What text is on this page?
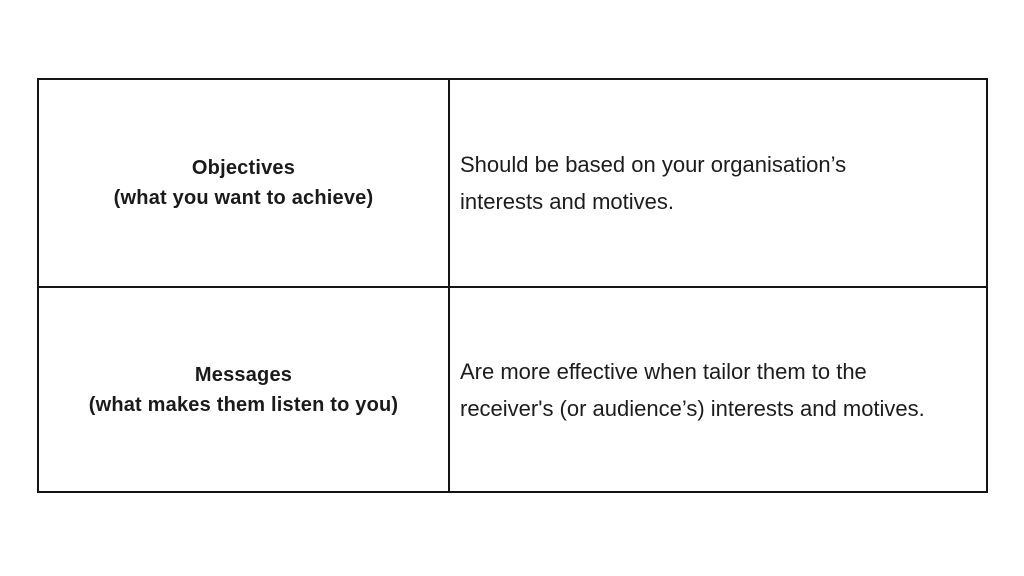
Objectives
(what you want to achieve)
Should be based on your organisation’s
interests and motives.
Messages
(what makes them listen to you)
Are more effective when tailor them to the
receiver's (or audience’s) interests and motives.
